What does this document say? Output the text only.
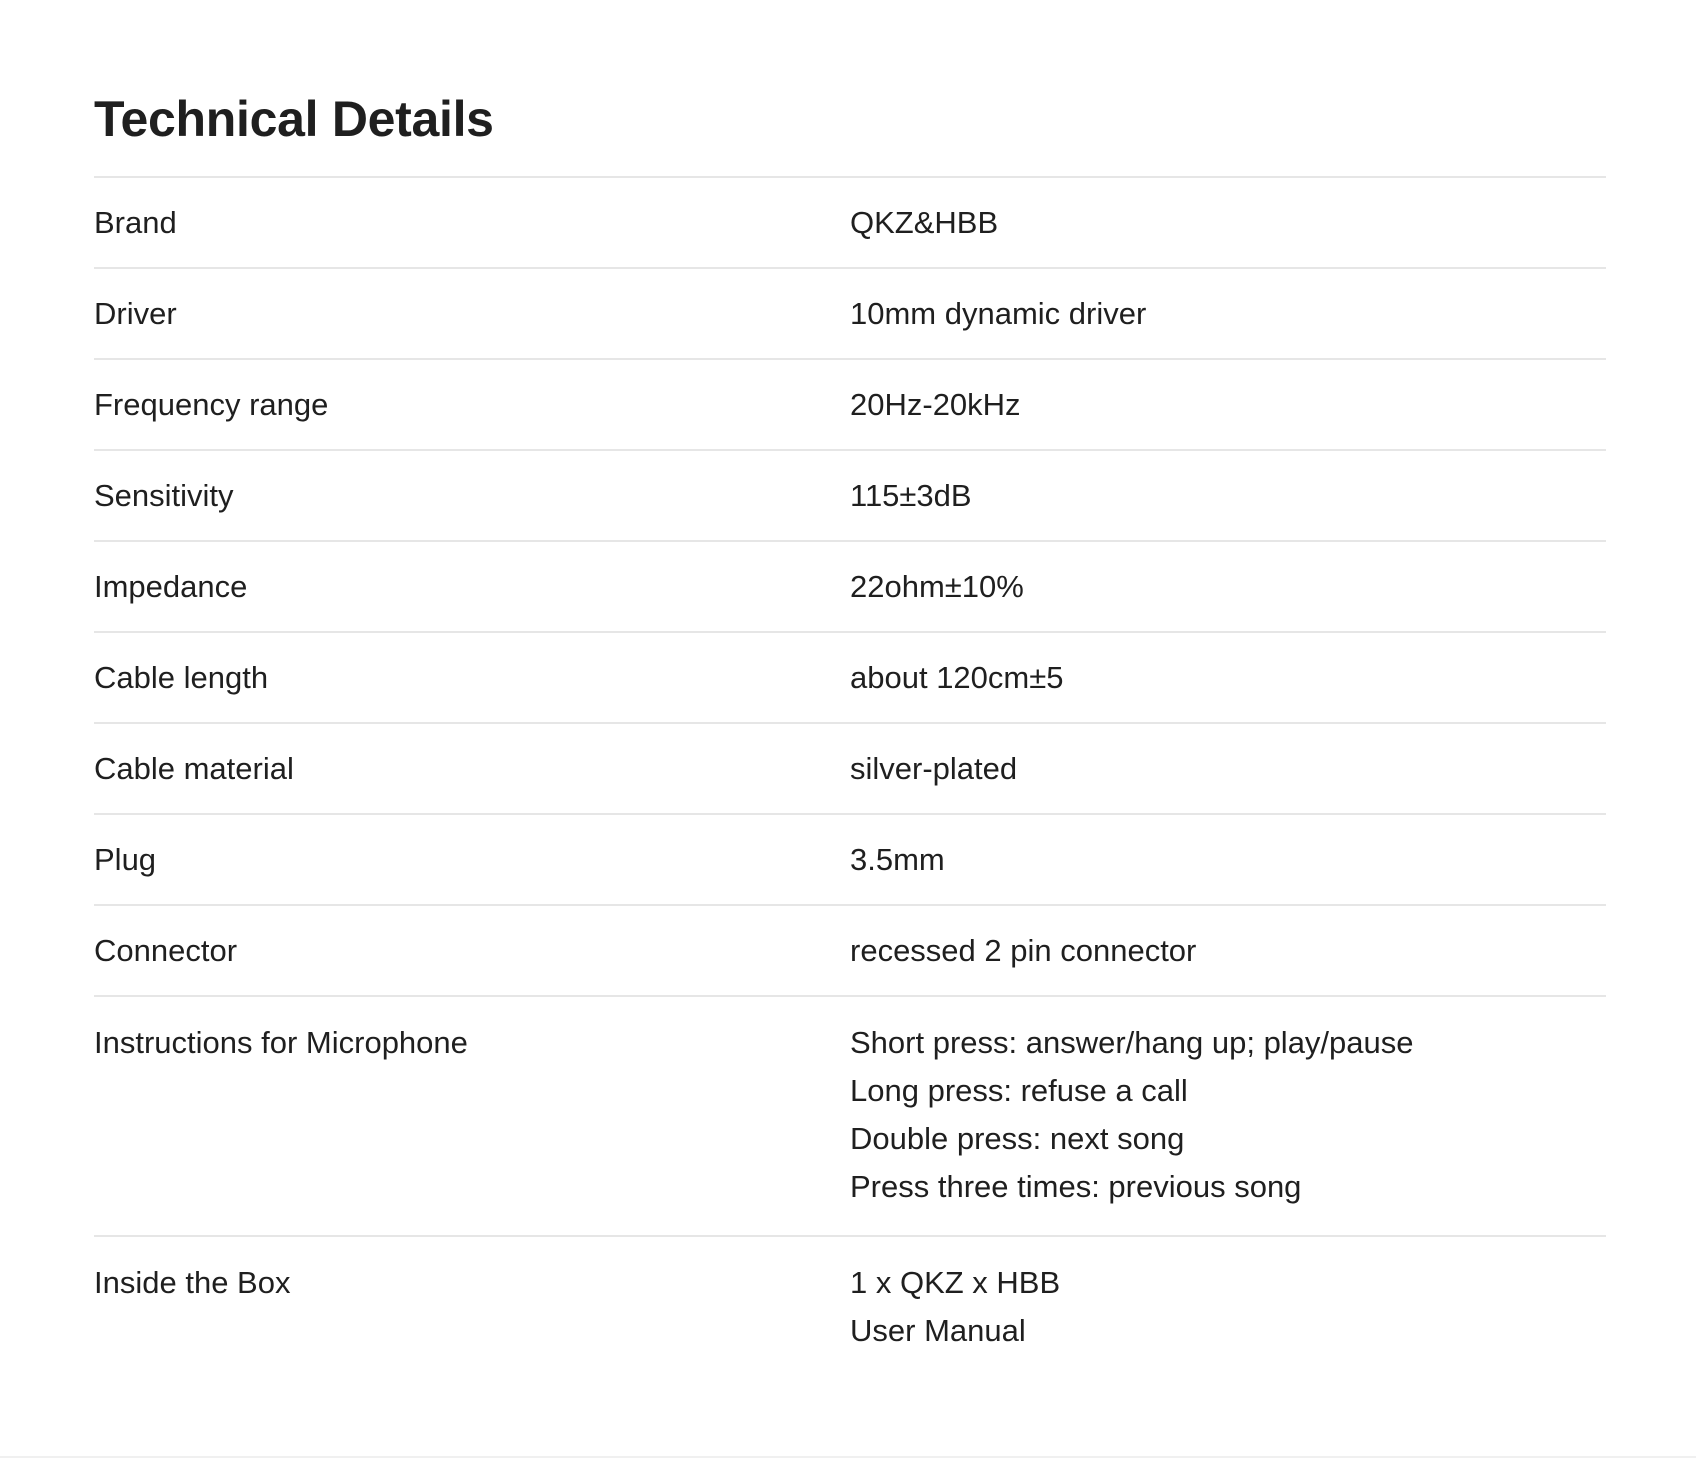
Technical Details
Brand	QKZ&HBB
Driver	10mm dynamic driver
Frequency range	20Hz-20kHz
Sensitivity	115±3dB
Impedance	22ohm±10%
Cable length	about 120cm±5
Cable material	silver-plated
Plug	3.5mm
Connector	recessed 2 pin connector
Instructions for Microphone	Short press: answer/hang up; play/pause
Long press: refuse a call
Double press: next song
Press three times: previous song
Inside the Box	1 x QKZ x HBB
User Manual
